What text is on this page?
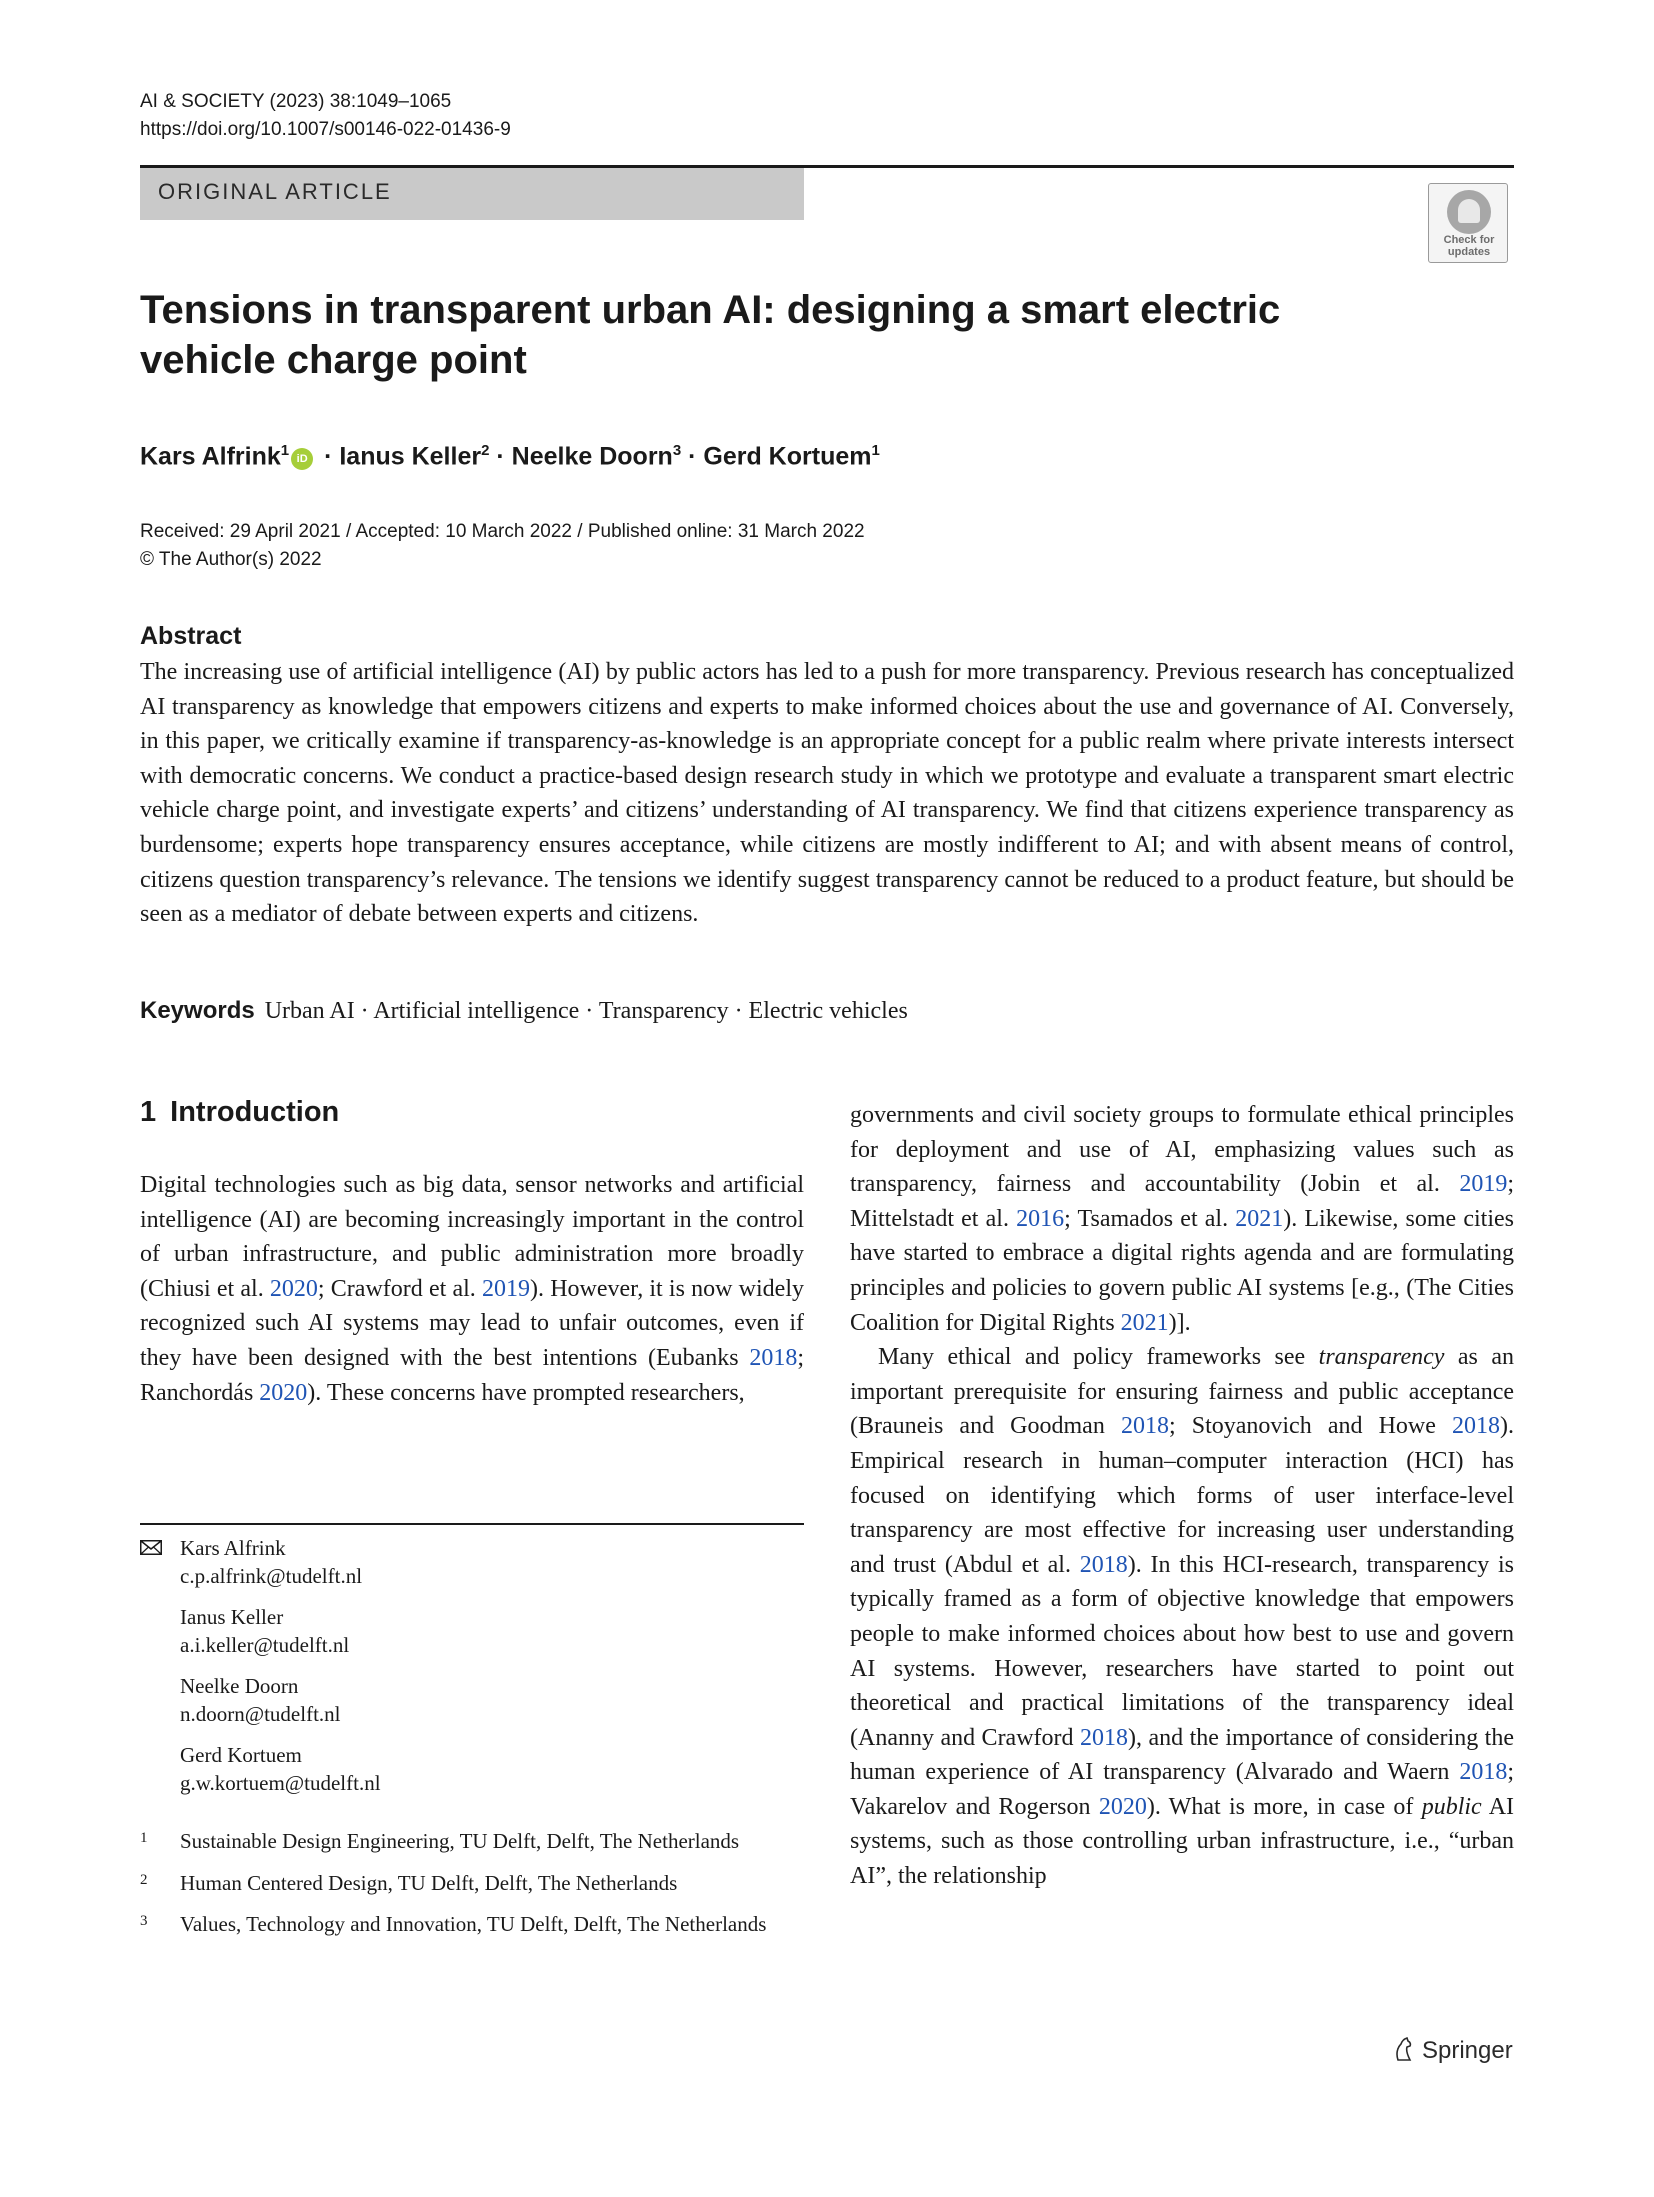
AI & SOCIETY (2023) 38:1049–1065
https://doi.org/10.1007/s00146-022-01436-9
ORIGINAL ARTICLE
Check for updates
Tensions in transparent urban AI: designing a smart electric vehicle charge point
Kars Alfrink$^1$iD · Ianus Keller$^2$ · Neelke Doorn$^3$ · Gerd Kortuem$^1$
Received: 29 April 2021 / Accepted: 10 March 2022 / Published online: 31 March 2022
© The Author(s) 2022
Abstract
The increasing use of artificial intelligence (AI) by public actors has led to a push for more transparency. Previous research has conceptualized AI transparency as knowledge that empowers citizens and experts to make informed choices about the use and governance of AI. Conversely, in this paper, we critically examine if transparency-as-knowledge is an appropriate concept for a public realm where private interests intersect with democratic concerns. We conduct a practice-based design research study in which we prototype and evaluate a transparent smart electric vehicle charge point, and investigate experts’ and citizens’ understanding of AI transparency. We find that citizens experience transparency as burdensome; experts hope transparency ensures acceptance, while citizens are mostly indifferent to AI; and with absent means of control, citizens question transparency’s relevance. The tensions we identify suggest transparency cannot be reduced to a product feature, but should be seen as a mediator of debate between experts and citizens.
Keywords Urban AI · Artificial intelligence · Transparency · Electric vehicles
1 Introduction

Digital technologies such as big data, sensor networks and artificial intelligence (AI) are becoming increasingly important in the control of urban infrastructure, and public administration more broadly (Chiusi et al. 2020; Crawford et al. 2019). However, it is now widely recognized such AI systems may lead to unfair outcomes, even if they have been designed with the best intentions (Eubanks 2018; Ranchordás 2020). These concerns have prompted researchers,

governments and civil society groups to formulate ethical principles for deployment and use of AI, emphasizing values such as transparency, fairness and accountability (Jobin et al. 2019; Mittelstadt et al. 2016; Tsamados et al. 2021). Likewise, some cities have started to embrace a digital rights agenda and are formulating principles and policies to govern public AI systems [e.g., (The Cities Coalition for Digital Rights 2021)].

Many ethical and policy frameworks see transparency as an important prerequisite for ensuring fairness and public acceptance (Brauneis and Goodman 2018; Stoyanovich and Howe 2018). Empirical research in human–computer interaction (HCI) has focused on identifying which forms of user interface-level transparency are most effective for increasing user understanding and trust (Abdul et al. 2018). In this HCI-research, transparency is typically framed as a form of objective knowledge that empowers people to make informed choices about how best to use and govern AI systems. However, researchers have started to point out theoretical and practical limitations of the transparency ideal (Ananny and Crawford 2018), and the importance of considering the human experience of AI transparency (Alvarado and Waern 2018; Vakarelov and Rogerson 2020). What is more, in case of public AI systems, such as those controlling urban infrastructure, i.e., “urban AI”, the relationship

Kars Alfrink
c.p.alfrink@tudelft.nl
Ianus Keller
a.i.keller@tudelft.nl
Neelke Doorn
n.doorn@tudelft.nl
Gerd Kortuem
g.w.kortuem@tudelft.nl
1 Sustainable Design Engineering, TU Delft, Delft, The Netherlands
2 Human Centered Design, TU Delft, Delft, The Netherlands
3 Values, Technology and Innovation, TU Delft, Delft, The Netherlands
Springer
